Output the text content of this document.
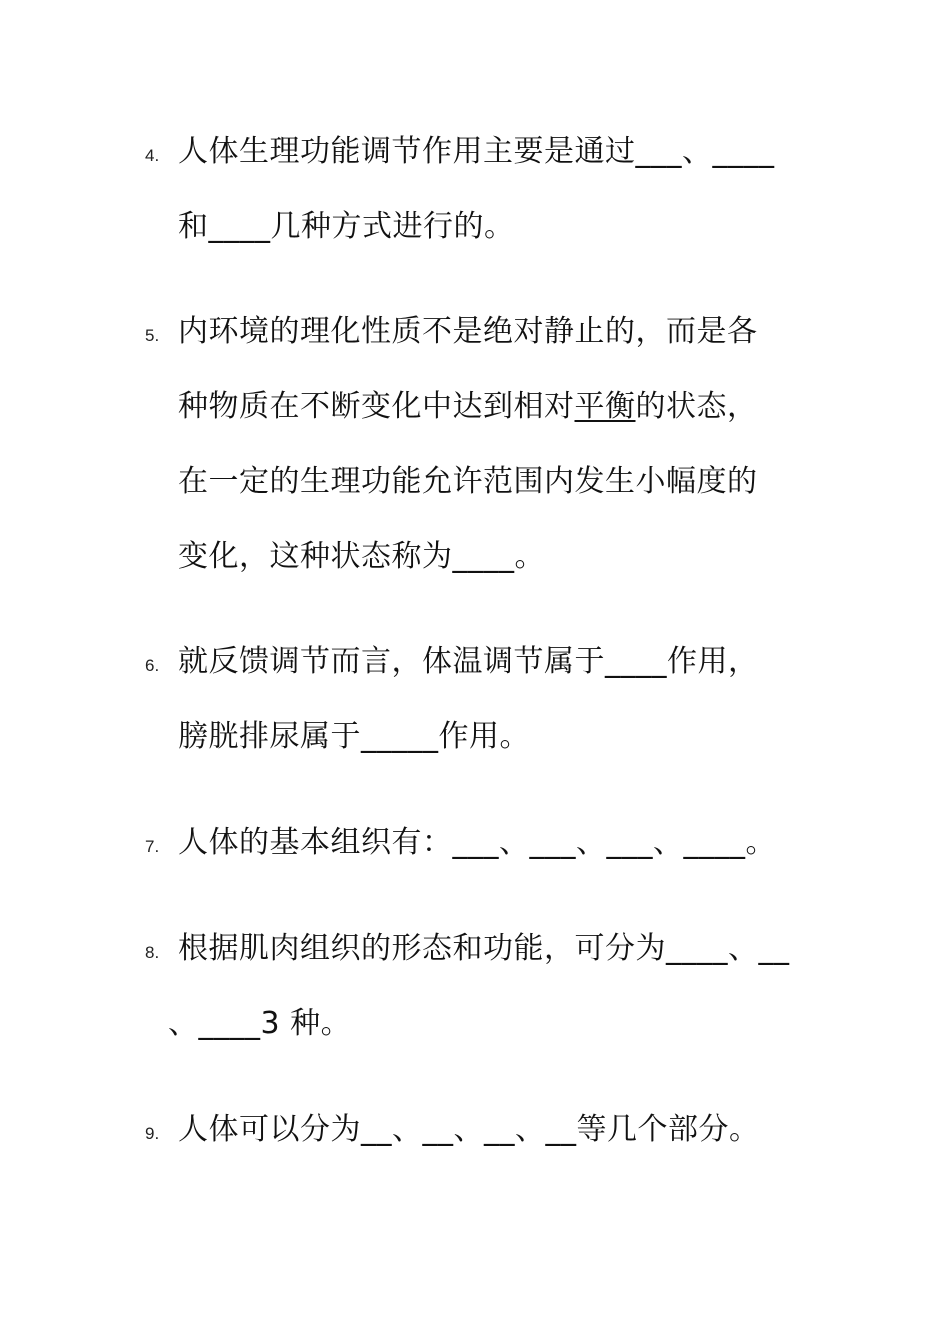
4. 人体生理功能调节作用主要是通过___、____
和____几种方式进行的。
5. 内环境的理化性质不是绝对静止的，而是各
种物质在不断变化中达到相对平衡的状态，
在一定的生理功能允许范围内发生小幅度的
变化，这种状态称为____。
6. 就反馈调节而言，体温调节属于____作用，
膀胱排尿属于_____作用。
7. 人体的基本组织有：___、___、___、____。
8. 根据肌肉组织的形态和功能，可分为____、__
、____3 种。
9. 人体可以分为__、__、__、__等几个部分。
